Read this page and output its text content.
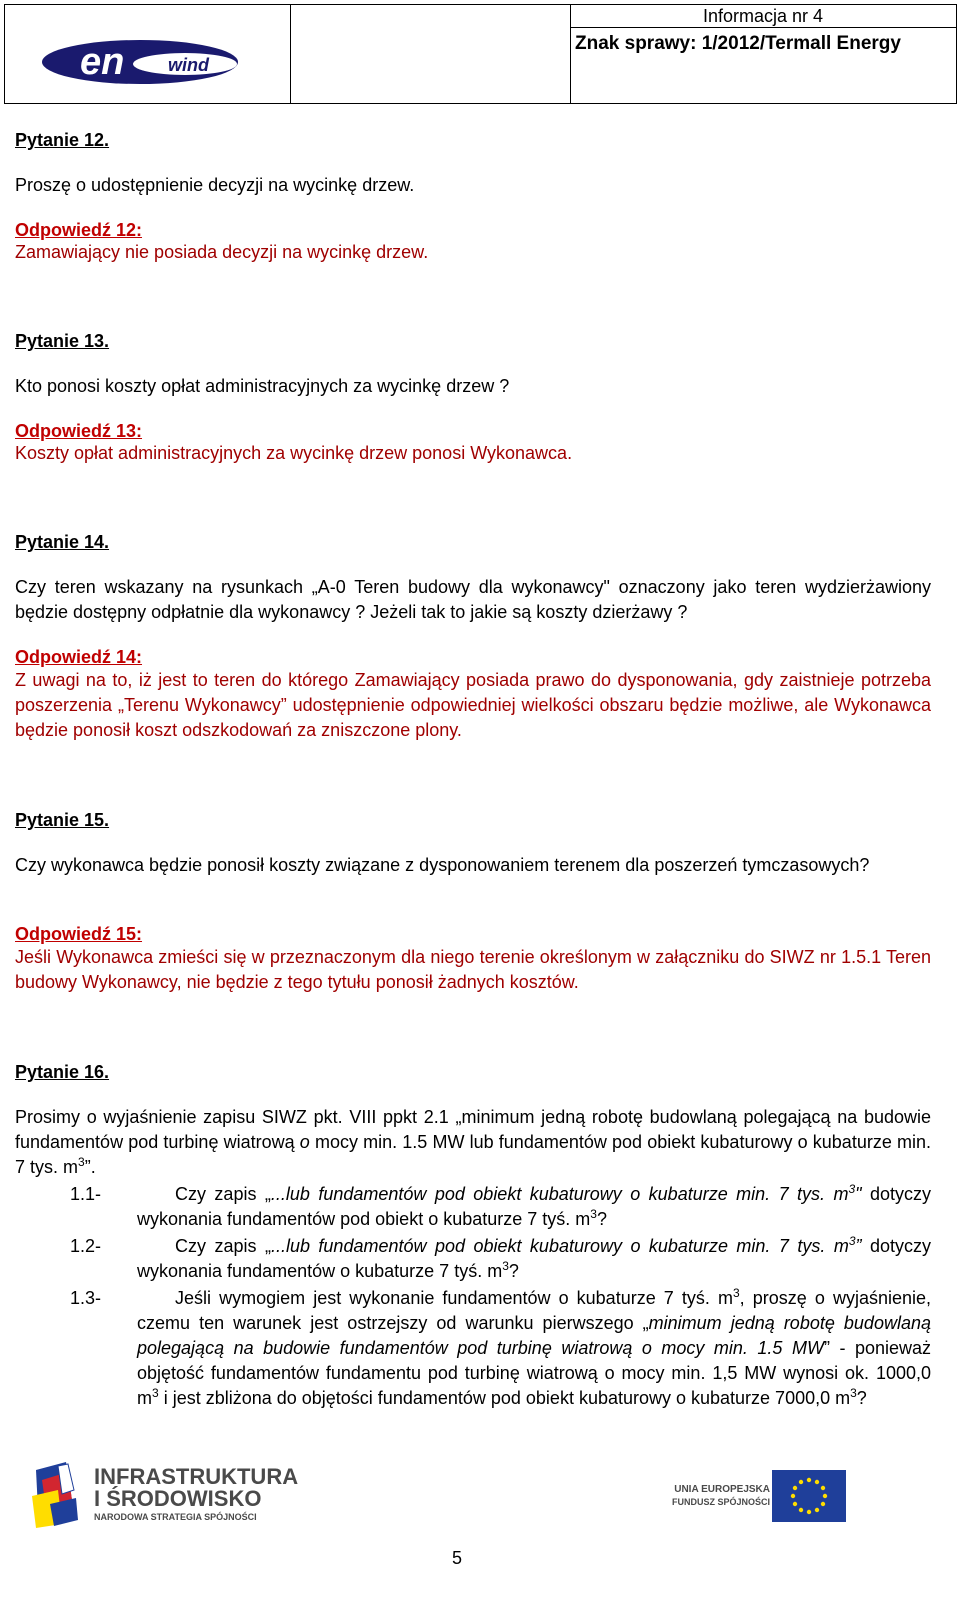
Informacja nr 4
Znak sprawy: 1/2012/Termall Energy
en wind
Pytanie 12.
Proszę o udostępnienie decyzji na wycinkę drzew.
Odpowiedź 12:
Zamawiający nie posiada decyzji na wycinkę drzew.
Pytanie 13.
Kto ponosi koszty opłat administracyjnych za wycinkę drzew ?
Odpowiedź 13:
Koszty opłat administracyjnych za wycinkę drzew ponosi Wykonawca.
Pytanie 14.
Czy teren wskazany na rysunkach „A-0 Teren budowy dla wykonawcy" oznaczony jako teren wydzierżawiony będzie dostępny odpłatnie dla wykonawcy ? Jeżeli tak to jakie są koszty dzierżawy ?
Odpowiedź 14:
Z uwagi na to, iż jest to teren do którego Zamawiający posiada prawo do dysponowania, gdy zaistnieje potrzeba poszerzenia „Terenu Wykonawcy” udostępnienie odpowiedniej wielkości obszaru będzie możliwe, ale Wykonawca będzie ponosił koszt odszkodowań za zniszczone plony.
Pytanie 15.
Czy wykonawca będzie ponosił koszty związane z dysponowaniem terenem dla poszerzeń tymczasowych?
Odpowiedź 15:
Jeśli Wykonawca zmieści się w przeznaczonym dla niego terenie określonym w załączniku do SIWZ nr 1.5.1 Teren budowy Wykonawcy, nie będzie z tego tytułu ponosił żadnych kosztów.
Pytanie 16.
Prosimy o wyjaśnienie zapisu SIWZ pkt. VIII ppkt 2.1 „minimum jedną robotę budowlaną polegającą na budowie fundamentów pod turbinę wiatrową o mocy min. 1.5 MW lub fundamentów pod obiekt kubaturowy o kubaturze min. 7 tys. $m^3$”.
1.1-	Czy zapis „...lub fundamentów pod obiekt kubaturowy o kubaturze min. 7 tys. $m^3$" dotyczy wykonania fundamentów pod obiekt o kubaturze 7 tyś. $m^3$?
1.2-	Czy zapis „...lub fundamentów pod obiekt kubaturowy o kubaturze min. 7 tys. $m^3$” dotyczy wykonania fundamentów o kubaturze 7 tyś. $m^3$?
1.3-	Jeśli wymogiem jest wykonanie fundamentów o kubaturze 7 tyś. $m^3$, proszę o wyjaśnienie, czemu ten warunek jest ostrzejszy od warunku pierwszego „minimum jedną robotę budowlaną polegającą na budowie fundamentów pod turbinę wiatrową o mocy min. 1.5 MW” - ponieważ objętość fundamentów fundamentu pod turbinę wiatrową o mocy min. 1,5 MW wynosi ok. 1000,0 $m^3$ i jest zbliżona do objętości fundamentów pod obiekt kubaturowy o kubaturze 7000,0 $m^3$?
INFRASTRUKTURA
I ŚRODOWISKO
NARODOWA STRATEGIA SPÓJNOŚCI
UNIA EUROPEJSKA
FUNDUSZ SPÓJNOŚCI
5
